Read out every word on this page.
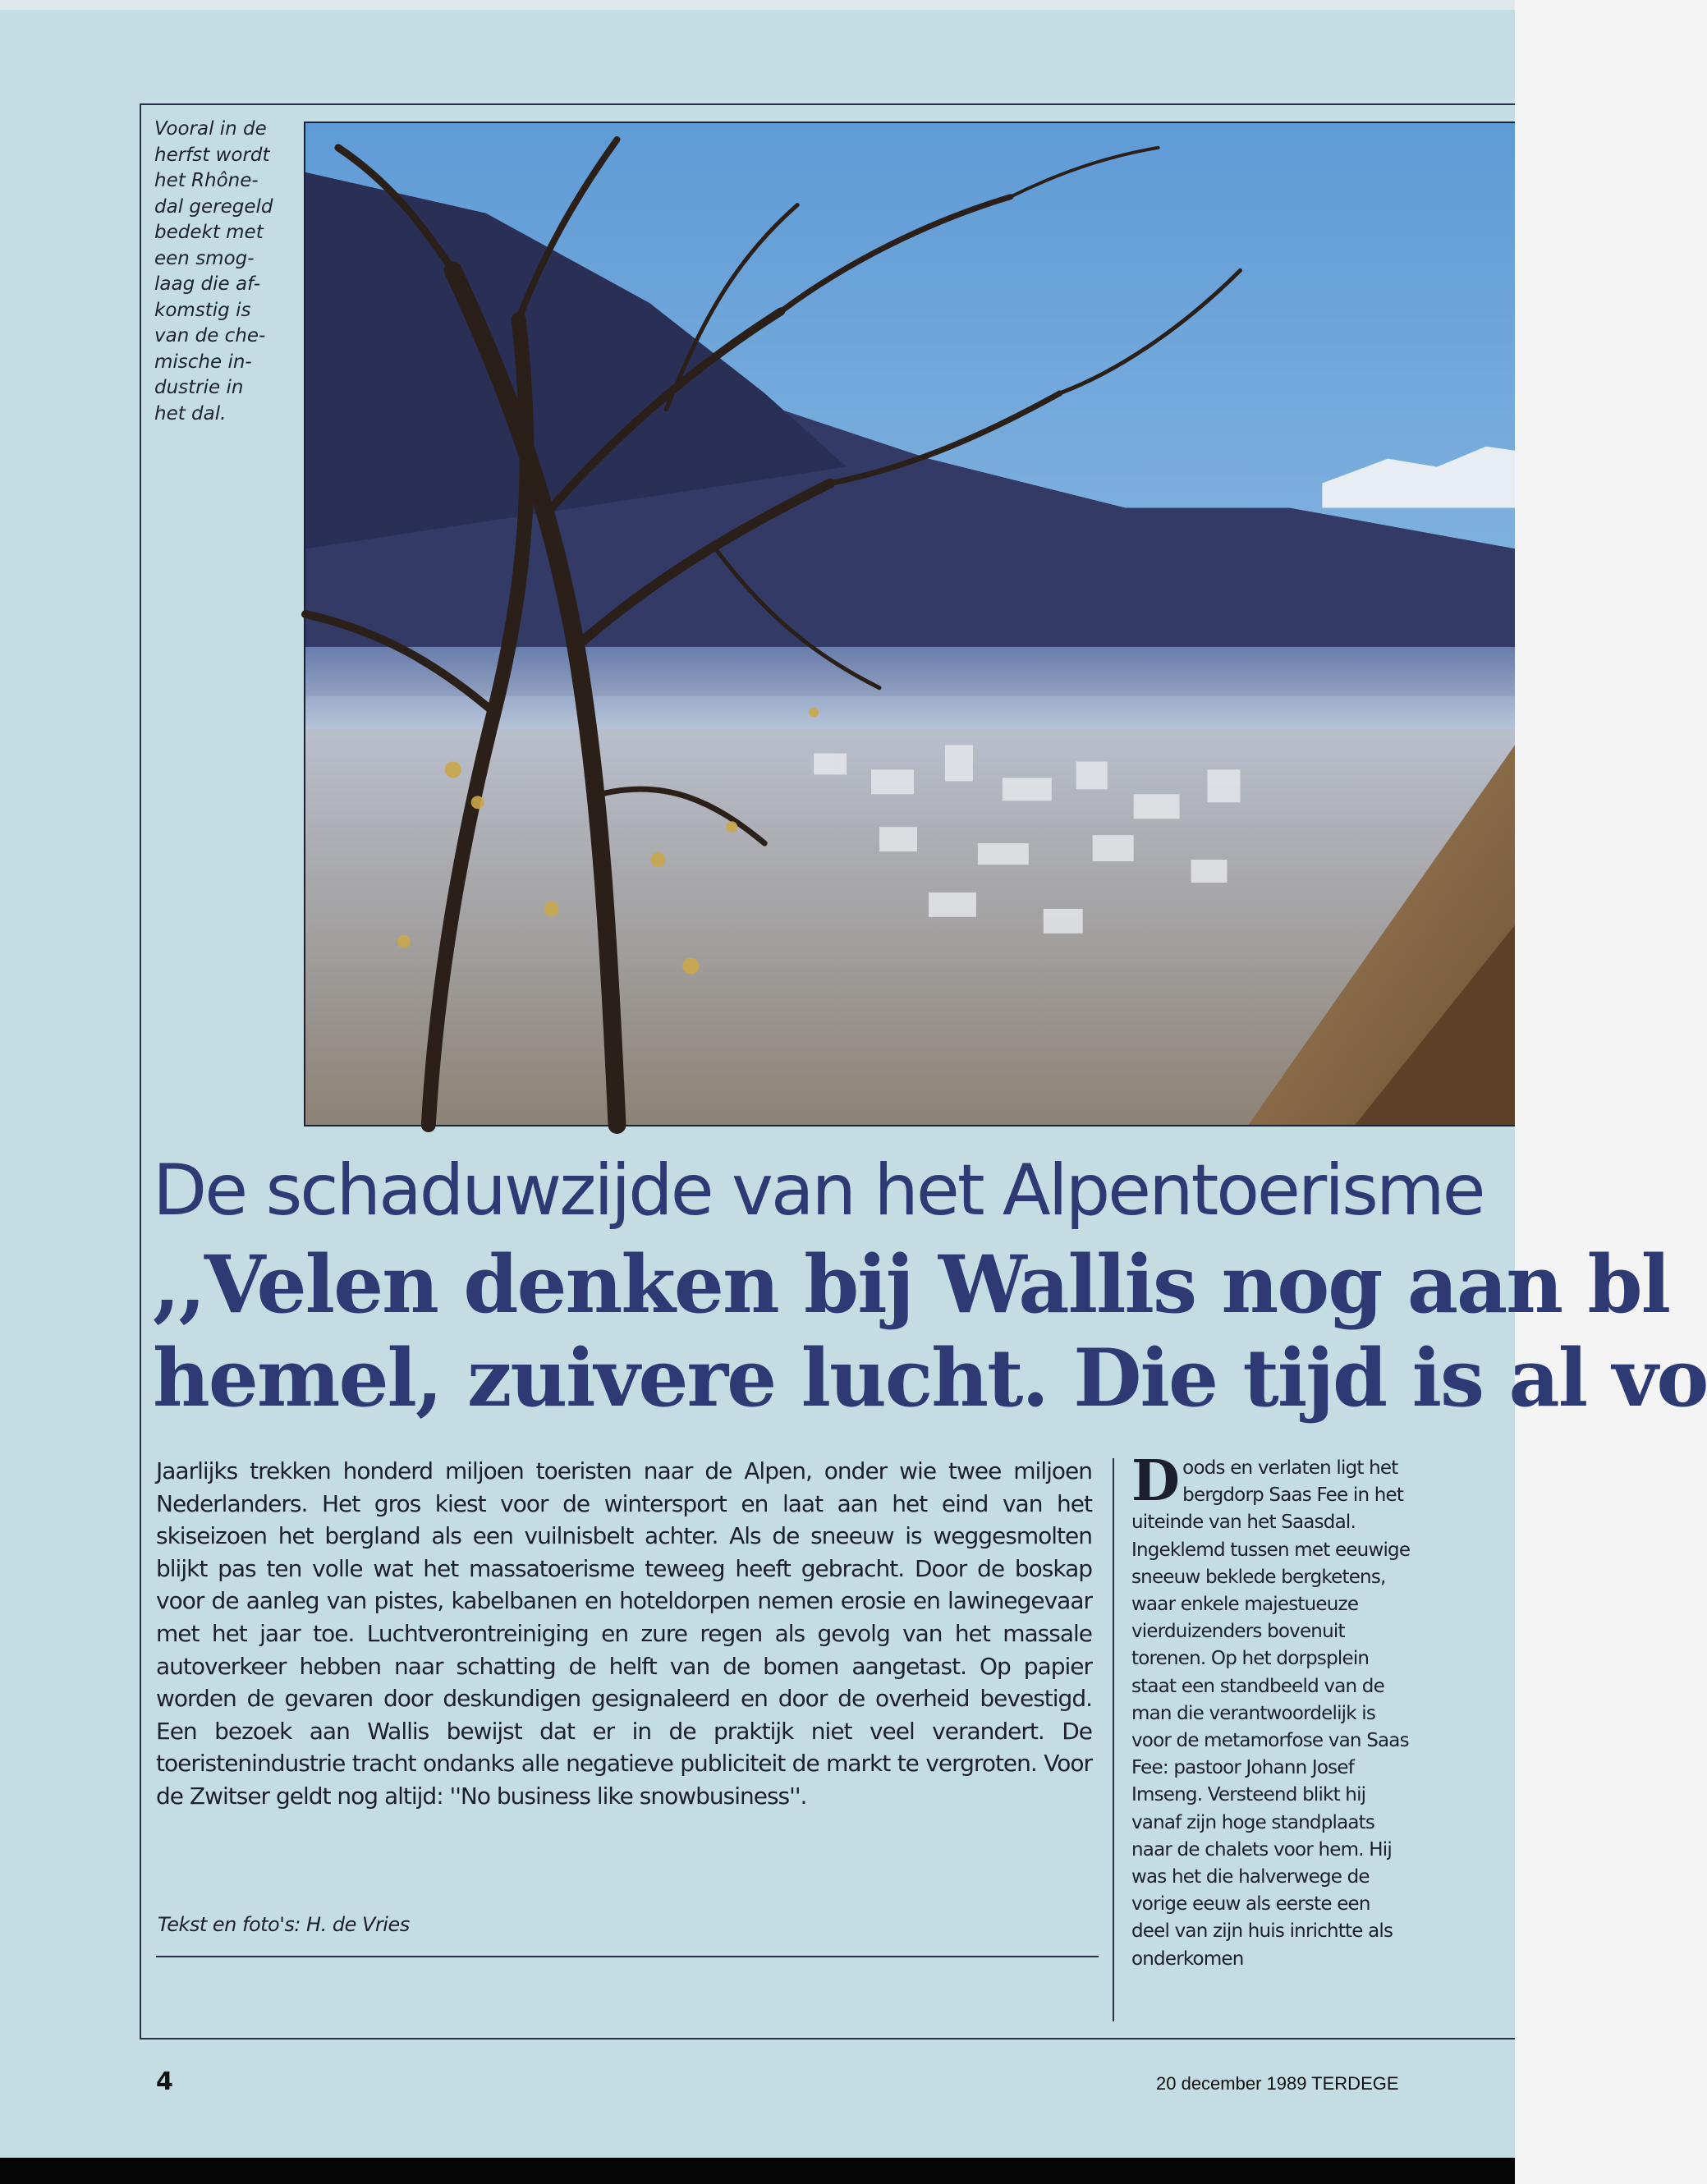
Vooral in de
herfst wordt
het Rhône-
dal geregeld
bedekt met
een smog-
laag die af-
komstig is
van de che-
mische in-
dustrie in
het dal.

De schaduwzijde van het Alpentoerisme
,,Velen denken bij Wallis nog aan bl
hemel, zuivere lucht. Die tijd is al vo

Jaarlijks trekken honderd miljoen toeristen naar de Alpen, onder wie twee miljoen Nederlanders. Het gros kiest voor de wintersport en laat aan het eind van het skiseizoen het bergland als een vuilnisbelt achter. Als de sneeuw is weggesmolten blijkt pas ten volle wat het massatoerisme teweeg heeft gebracht. Door de boskap voor de aanleg van pistes, kabelbanen en hoteldorpen nemen erosie en lawinegevaar met het jaar toe. Luchtverontreiniging en zure regen als gevolg van het massale autoverkeer hebben naar schatting de helft van de bomen aangetast. Op papier worden de gevaren door deskundigen gesignaleerd en door de overheid bevestigd. Een bezoek aan Wallis bewijst dat er in de praktijk niet veel verandert. De toeristenindustrie tracht ondanks alle negatieve publiciteit de markt te vergroten. Voor de Zwitser geldt nog altijd: ''No business like snowbusiness''.

Tekst en foto's: H. de Vries

Doods en verlaten ligt het bergdorp Saas Fee in het uiteinde van het Saasdal. Ingeklemd tussen met eeuwige sneeuw beklede bergketens, waar enkele majestueuze vierduizenders bovenuit torenen. Op het dorpsplein staat een standbeeld van de man die verantwoordelijk is voor de metamorfose van Saas Fee: pastoor Johann Josef Imseng. Versteend blikt hij vanaf zijn hoge standplaats naar de chalets voor hem. Hij was het die halverwege de vorige eeuw als eerste een deel van zijn huis inrichtte als onderkomen

4	20 december 1989 TERDEGE
